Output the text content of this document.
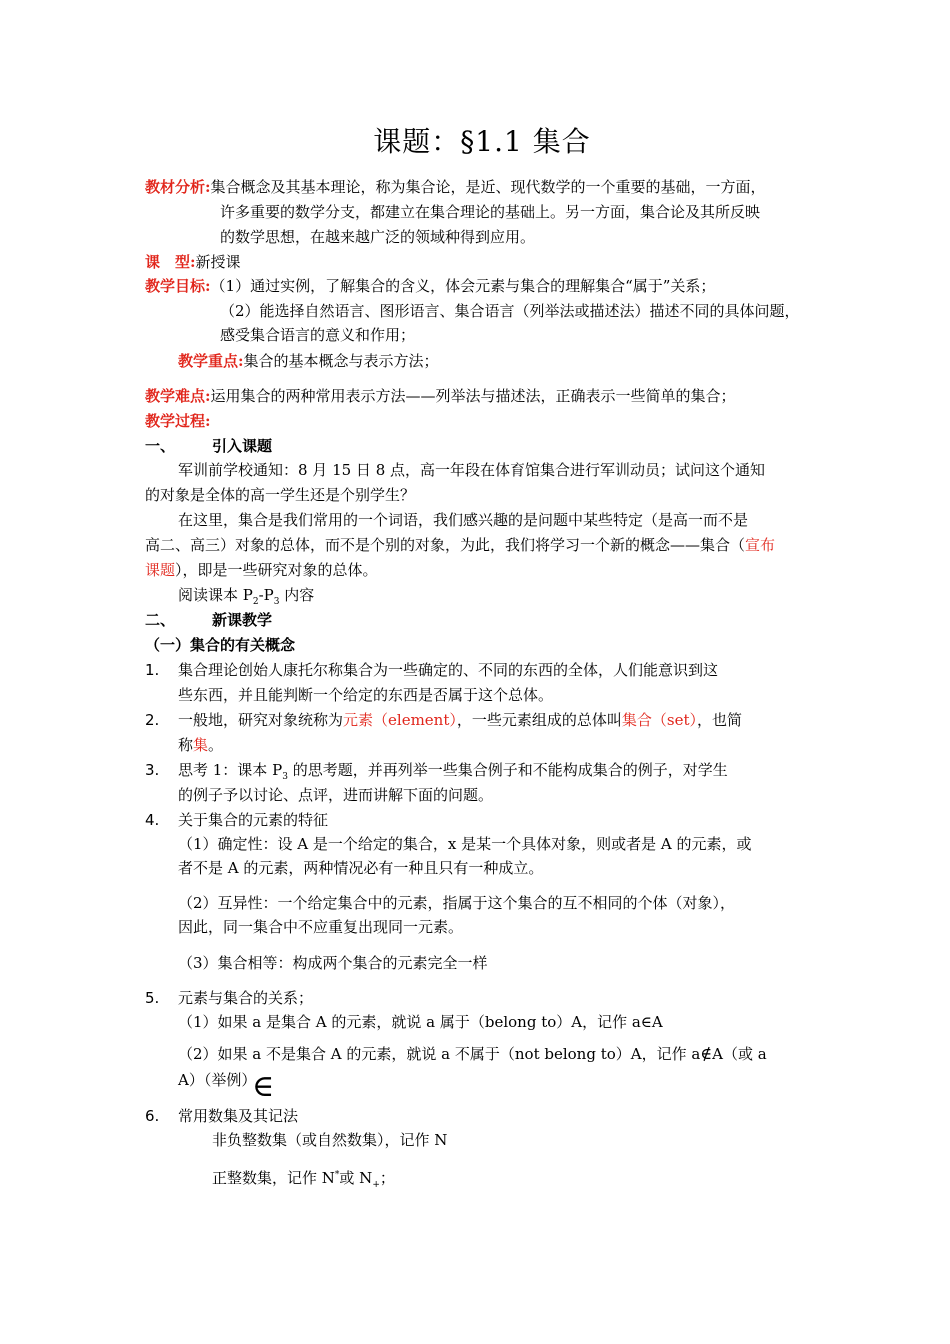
课题：§1.1 集合
教材分析:集合概念及其基本理论，称为集合论，是近、现代数学的一个重要的基础，一方面，
许多重要的数学分支，都建立在集合理论的基础上。另一方面，集合论及其所反映
的数学思想，在越来越广泛的领域种得到应用。
课　型:新授课
教学目标:（1）通过实例，了解集合的含义，体会元素与集合的理解集合“属于”关系；
（2）能选择自然语言、图形语言、集合语言（列举法或描述法）描述不同的具体问题，
感受集合语言的意义和作用；
教学重点:集合的基本概念与表示方法；
教学难点:运用集合的两种常用表示方法——列举法与描述法，正确表示一些简单的集合；
教学过程:
一、 引入课题
军训前学校通知：8 月 15 日 8 点，高一年段在体育馆集合进行军训动员；试问这个通知
的对象是全体的高一学生还是个别学生？
在这里，集合是我们常用的一个词语，我们感兴趣的是问题中某些特定（是高一而不是
高二、高三）对象的总体，而不是个别的对象，为此，我们将学习一个新的概念——集合（宣布
课题），即是一些研究对象的总体。
阅读课本 $P_2-P_3$ 内容
二、 新课教学
（一）集合的有关概念
1. 集合理论创始人康托尔称集合为一些确定的、不同的东西的全体，人们能意识到这
些东西，并且能判断一个给定的东西是否属于这个总体。
2. 一般地，研究对象统称为元素（element），一些元素组成的总体叫集合（set），也简
称集。
3. 思考 1：课本 $P_3$ 的思考题，并再列举一些集合例子和不能构成集合的例子，对学生
的例子予以讨论、点评，进而讲解下面的问题。
4. 关于集合的元素的特征
（1）确定性：设 A 是一个给定的集合，x 是某一个具体对象，则或者是 A 的元素，或
者不是 A 的元素，两种情况必有一种且只有一种成立。
（2）互异性：一个给定集合中的元素，指属于这个集合的互不相同的个体（对象），
因此，同一集合中不应重复出现同一元素。
（3）集合相等：构成两个集合的元素完全一样
5. 元素与集合的关系；
（1）如果 a 是集合 A 的元素，就说 a 属于（belong to）A，记作 a∈A
（2）如果 a 不是集合 A 的元素，就说 a 不属于（not belong to）A，记作 a∉A（或 a
A）（举例）
∈
6. 常用数集及其记法
非负整数集（或自然数集），记作 N
正整数集，记作 N*或 $N_+$；
